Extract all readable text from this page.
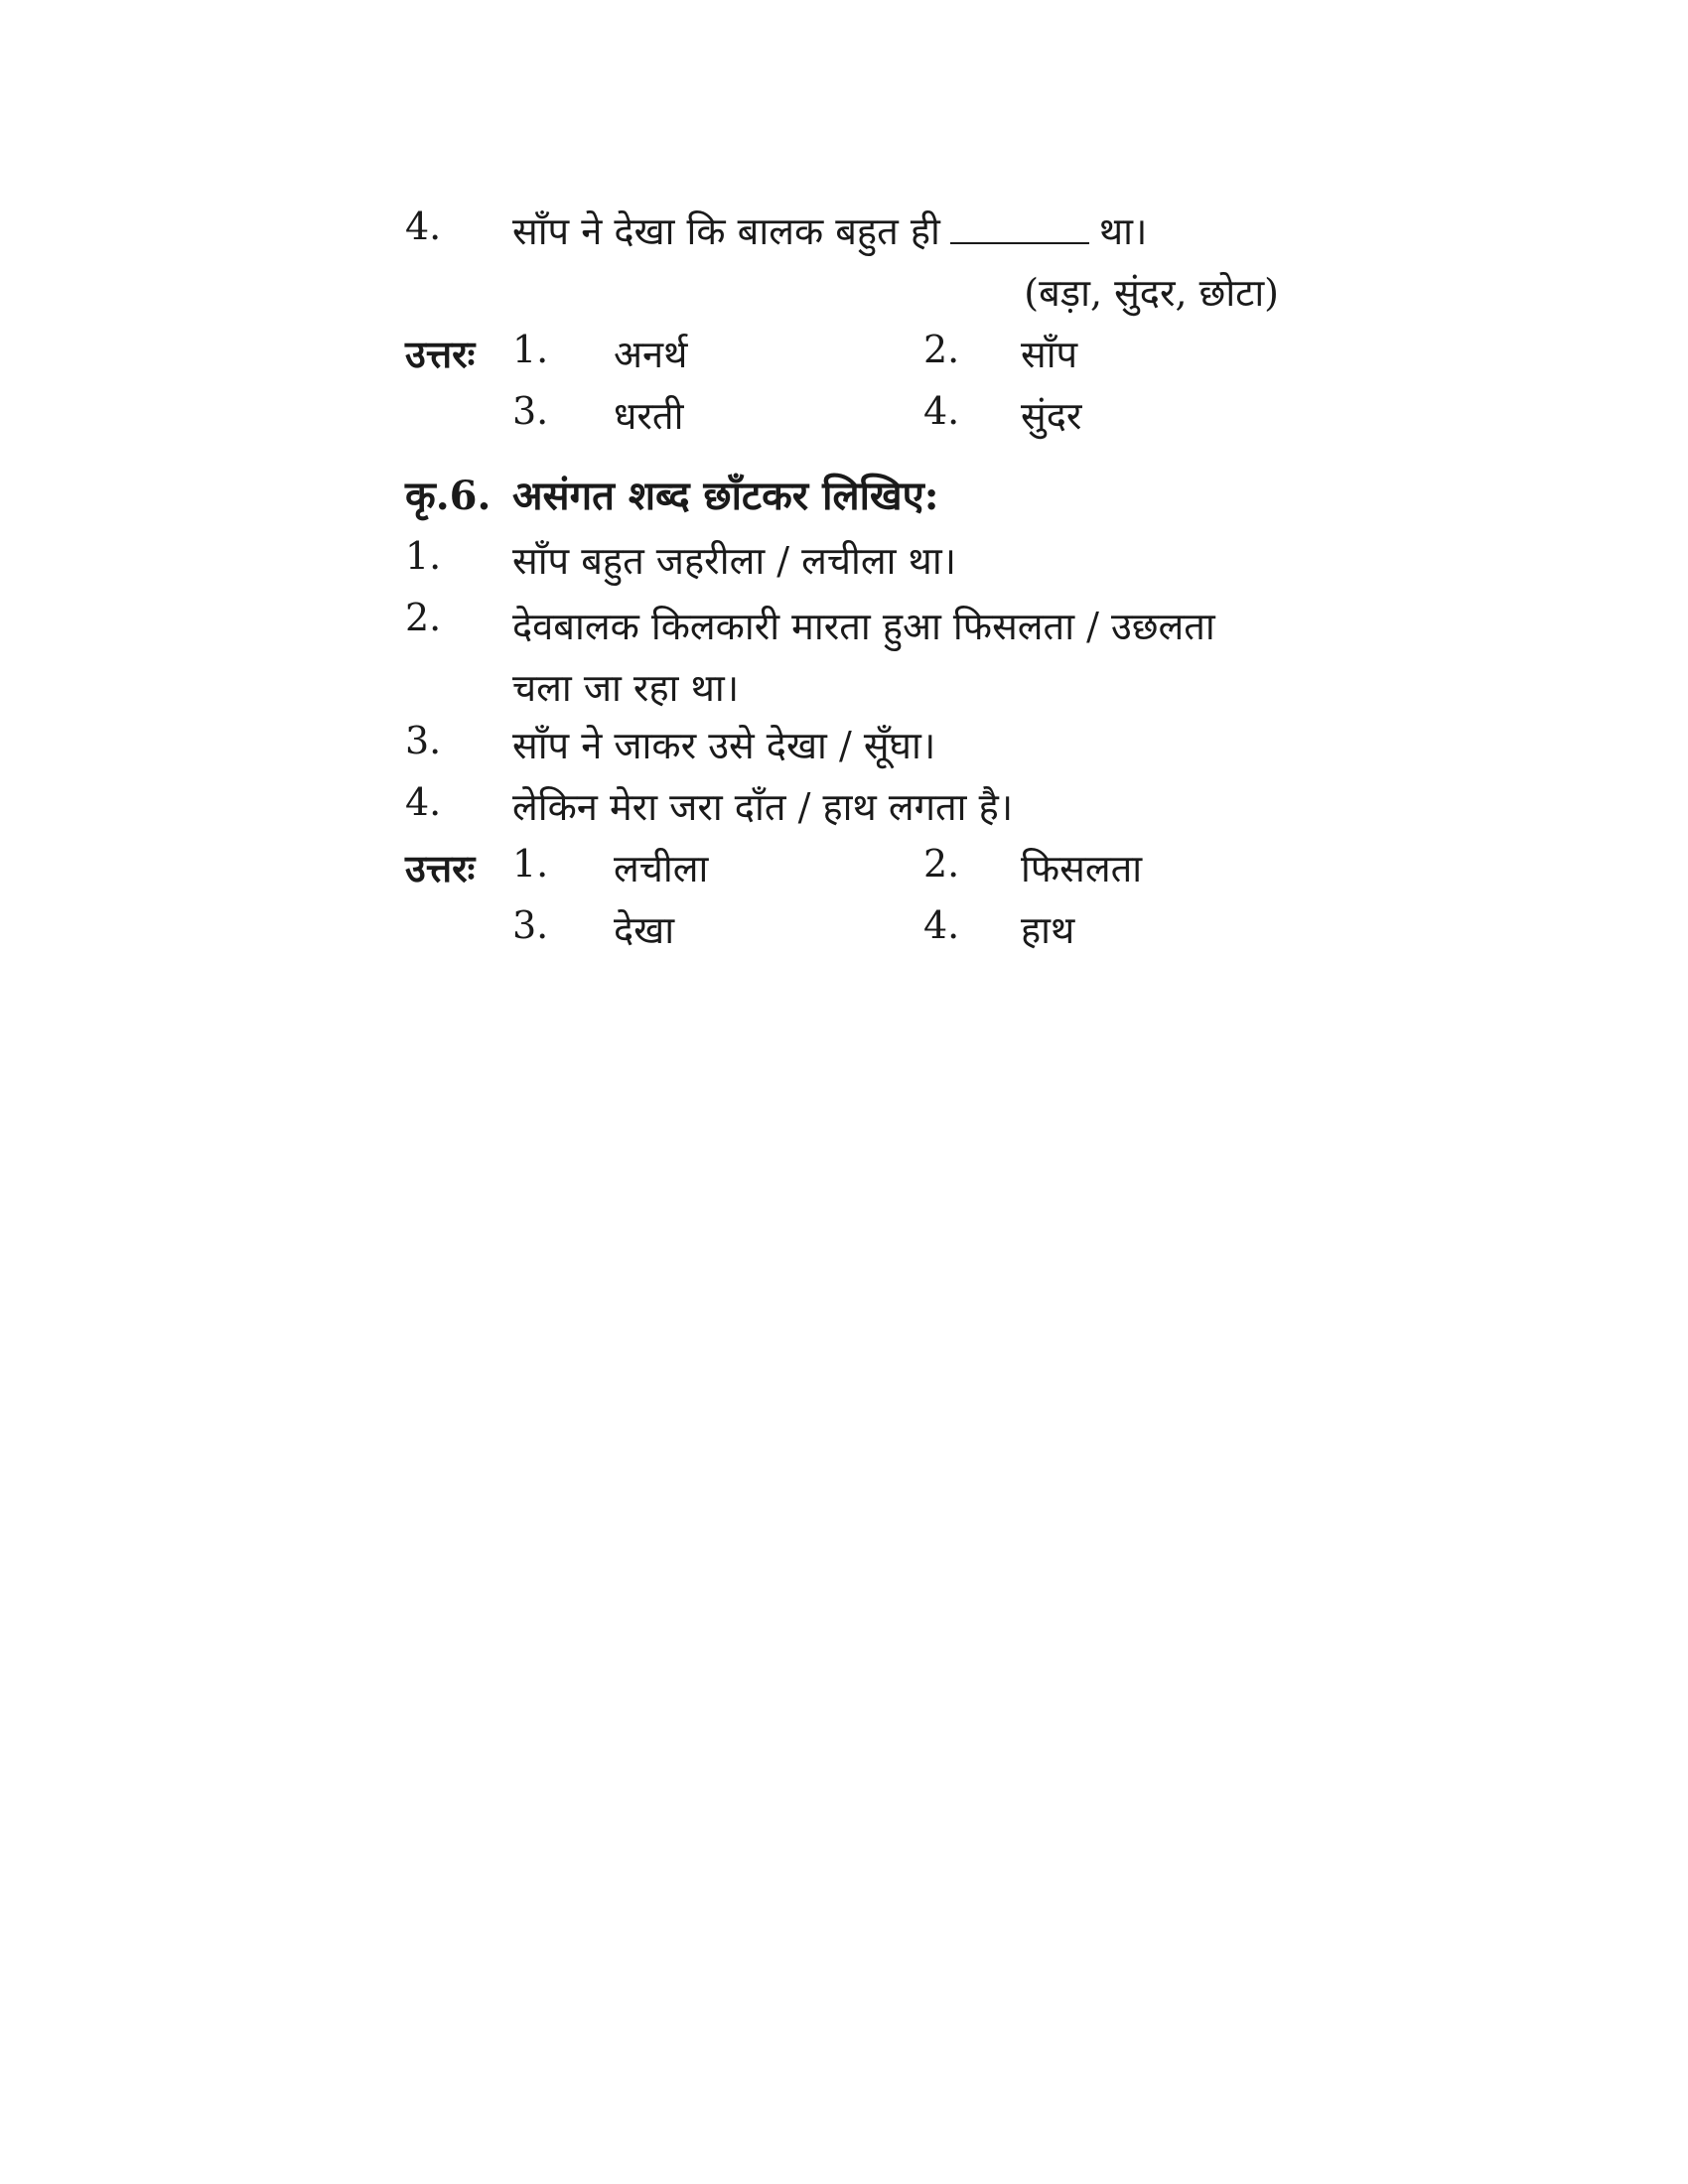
4. साँप ने देखा कि बालक बहुत ही	था।
(बड़ा, सुंदर, छोटा)
उत्तरः 1. अनर्थ	2. साँप
3. धरती	4. सुंदर
कृ.6. असंगत शब्द छाँटकर लिखिए:
1. साँप बहुत जहरीला / लचीला था।
2. देवबालक किलकारी मारता हुआ फिसलता / उछलता चला जा रहा था।
3. साँप ने जाकर उसे देखा / सूँघा।
4. लेकिन मेरा जरा दाँत / हाथ लगता है।
उत्तरः 1. लचीला	2. फिसलता
3. देखा	4. हाथ
